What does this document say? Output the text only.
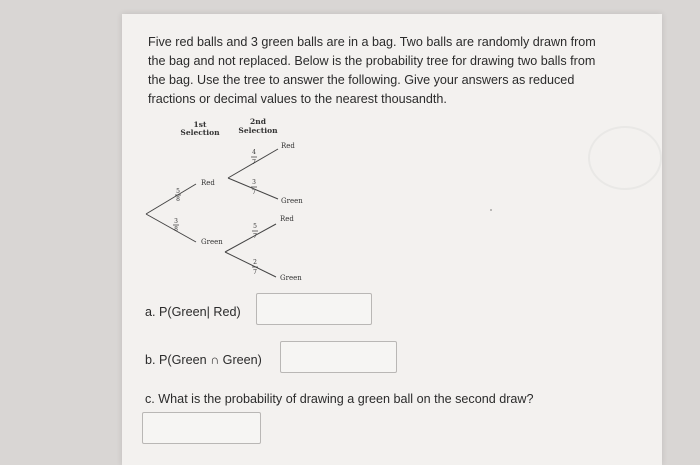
Five red balls and 3 green balls are in a bag. Two balls are randomly drawn from
the bag and not replaced. Below is the probability tree for drawing two balls from
the bag. Use the tree to answer the following. Give your answers as reduced
fractions or decimal values to the nearest thousandth.
1st
Selection
2nd
Selection
Red
Green
5
8
3
8
Red
Green
4
7
3
7
Red
Green
5
7
2
7
a. P(Green| Red)
b. P(Green ∩ Green)
c. What is the probability of drawing a green ball on the second draw?
